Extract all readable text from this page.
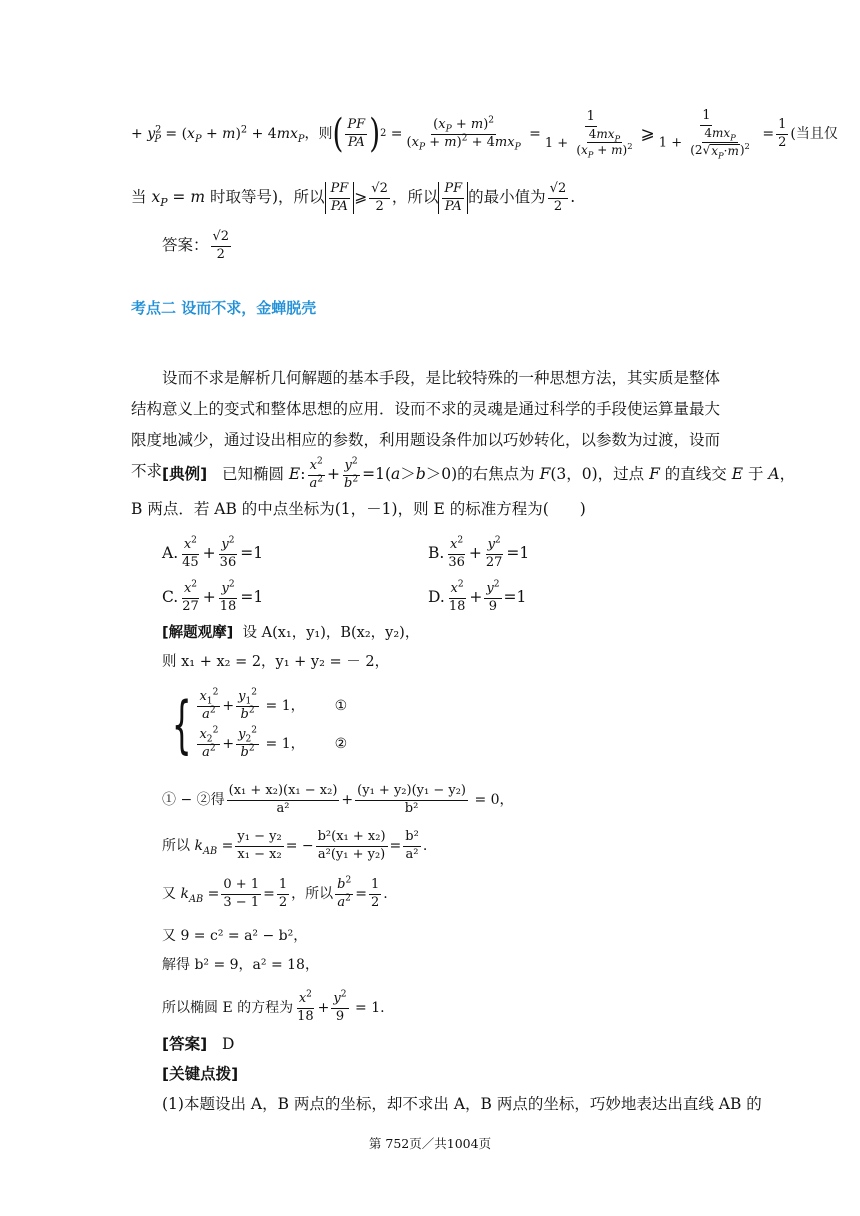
+ $y^2_P = (x_P + m)^2 + 4mx_P$，则 ( $\frac{PF}{PA}$ ) $2 = \frac{(x_P + m)^2}{(x_P + m)^2 + 4mx_P} = \frac{1}{1 + \frac{4mx_P}{(x_P + m)^2}}$ ⩾ $\frac{1}{1 + \frac{4mx_P}{(2√ x_P\cdot m )^2}} = \frac{1}{2}$ (当且仅
当 $x_P = m$ 时取等号)，所以 $\frac{PF}{PA}$ ⩾ $\frac{√2}{2}$ ，所以 $\frac{PF}{PA}$ 的最小值为 $\frac{√2}{2}$ .
答案： $\frac{√2}{2}$
考点二 设而不求，金蝉脱壳
设而不求是解析几何解题的基本手段，是比较特殊的一种思想方法，其实质是整体结构意义上的变式和整体思想的应用．设而不求的灵魂是通过科学的手段使运算量最大限度地减少，通过设出相应的参数，利用题设条件加以巧妙转化，以参数为过渡，设而不求．
[典例] 已知椭圆 E: $\frac{x^2}{a^2} + \frac{y^2}{b^2} =1(a>b>0)$的右焦点为 F(3，0)，过点 F 的直线交 E 于 A，
B 两点．若 AB 的中点坐标为(1，－1)，则 E 的标准方程为(　　)
A. $\frac{x^2}{45} + \frac{y^2}{36} =1$	B. $\frac{x^2}{36} + \frac{y^2}{27} =1$
C. $\frac{x^2}{27} + \frac{y^2}{18} =1$	D. $\frac{x^2}{18} + \frac{y^2}{9} =1$
[解题观摩]
设 A(x₁，y₁)，B(x₂，y₂)，
则 x₁ + x₂ = 2，y₁ + y₂ = － 2，
{ $\frac{x_1^2}{a^2} + \frac{y_1^2}{b^2}$
= 1， ①
$\frac{x_2^2}{a^2} + \frac{y_2^2}{b^2}$
= 1， ②
① − ②得 $\frac{\text{(x₁ + x₂)(x₁ − x₂)}}{\text{a²}} + \frac{\text{(y₁ + y₂)(y₁ − y₂)}}{\text{b²}}$
= 0，
所以 $k_{AB} = \frac{\text{y₁ − y₂}}{\text{x₁ − x₂}}$ = − $\frac{\text{b²(x₁ + x₂)}}{\text{a²(y₁ + y₂)}} = \frac{\text{b²}}{\text{a²}}$ .
又 $k_{AB} = \frac{0 + 1}{3 - 1} = \frac{1}{2}$ ，所以 $\frac{b^2}{a^2} = \frac{1}{2}$ .
又 9 = c² = a² − b²，
解得 b² = 9，a² = 18，
所以椭圆 E 的方程为 $\frac{x^2}{18} + \frac{y^2}{9}$
= 1.
[答案]
D
[关键点拨]
(1)本题设出 A，B 两点的坐标，却不求出 A，B 两点的坐标，巧妙地表达出直线 AB 的
第 752页／共1004页
